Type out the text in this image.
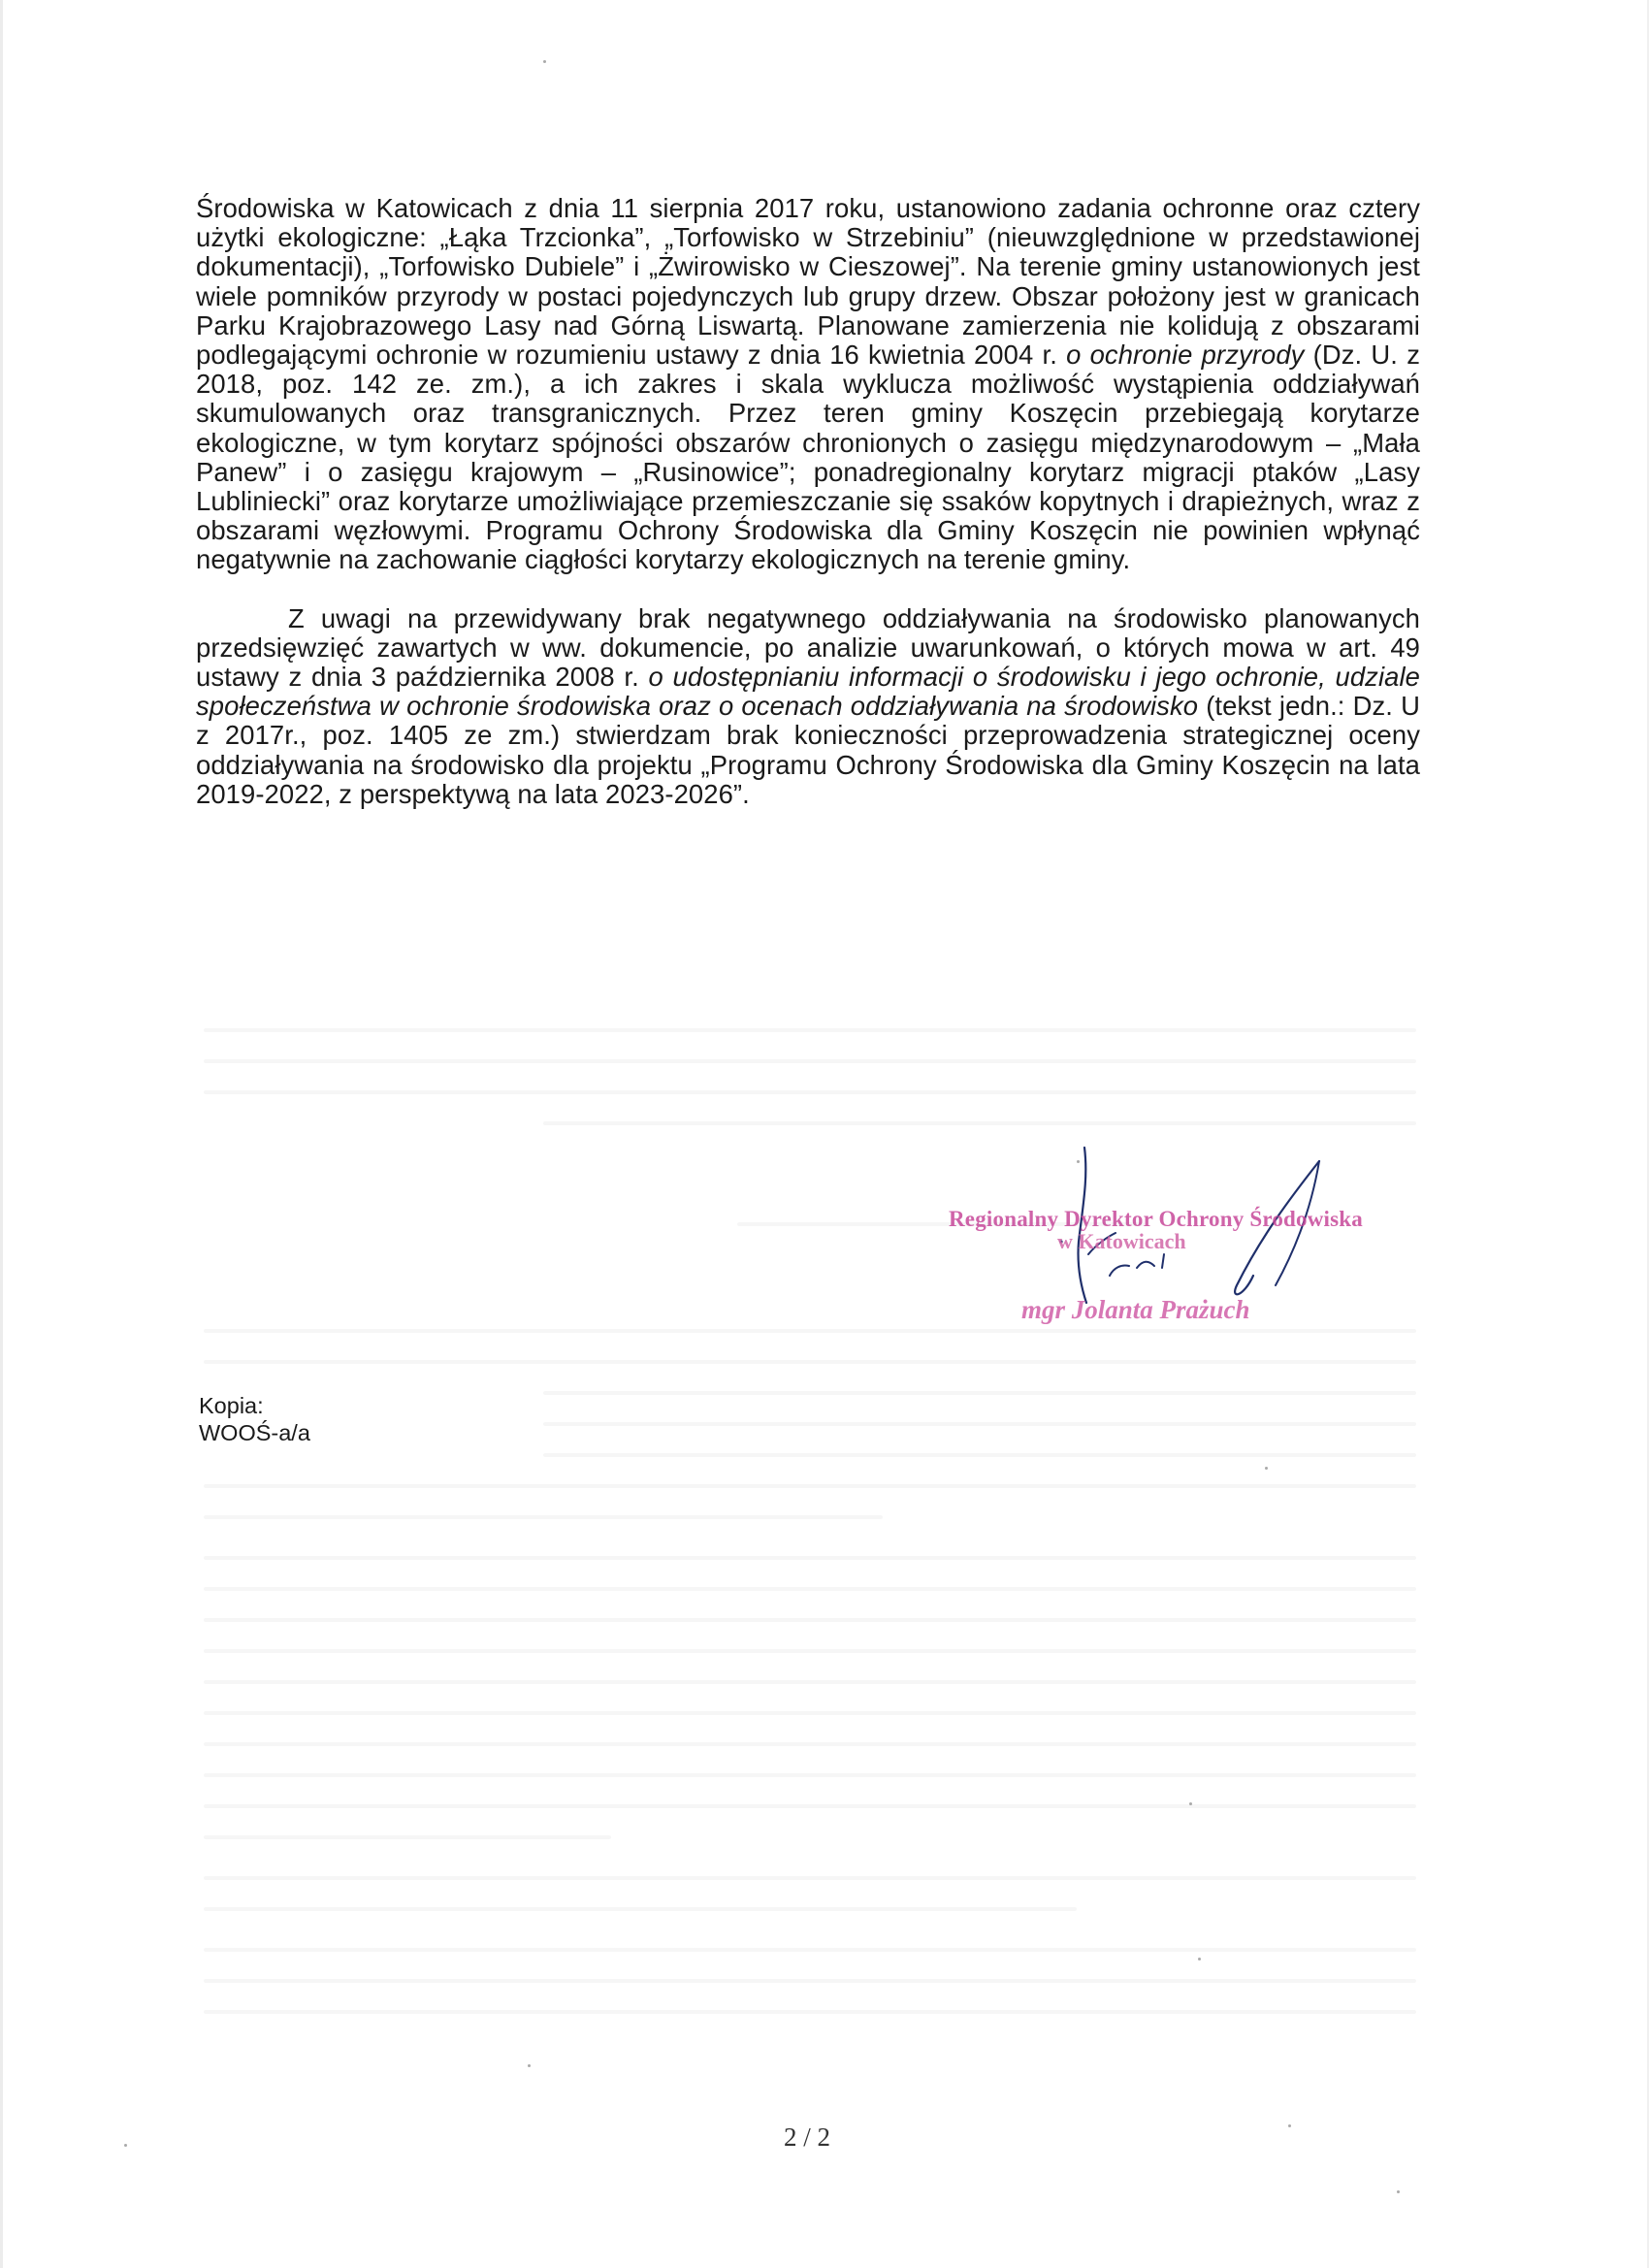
Środowiska w Katowicach z dnia 11 sierpnia 2017 roku, ustanowiono zadania ochronne oraz cztery użytki ekologiczne: „Łąka Trzcionka”, „Torfowisko w Strzebiniu” (nieuwzględnione w przedstawionej dokumentacji), „Torfowisko Dubiele” i „Żwirowisko w Cieszowej”. Na terenie gminy ustanowionych jest wiele pomników przyrody w postaci pojedynczych lub grupy drzew. Obszar położony jest w granicach Parku Krajobrazowego Lasy nad Górną Liswartą. Planowane zamierzenia nie kolidują z obszarami podlegającymi ochronie w rozumieniu ustawy z dnia 16 kwietnia 2004 r. o ochronie przyrody (Dz. U. z 2018, poz. 142 ze. zm.), a ich zakres i skala wyklucza możliwość wystąpienia oddziaływań skumulowanych oraz transgranicznych. Przez teren gminy Koszęcin przebiegają korytarze ekologiczne, w tym korytarz spójności obszarów chronionych o zasięgu międzynarodowym – „Mała Panew” i o zasięgu krajowym – „Rusinowice”; ponadregionalny korytarz migracji ptaków „Lasy Lubliniecki” oraz korytarze umożliwiające przemieszczanie się ssaków kopytnych i drapieżnych, wraz z obszarami węzłowymi. Programu Ochrony Środowiska dla Gminy Koszęcin nie powinien wpłynąć negatywnie na zachowanie ciągłości korytarzy ekologicznych na terenie gminy.

Z uwagi na przewidywany brak negatywnego oddziaływania na środowisko planowanych przedsięwzięć zawartych w ww. dokumencie, po analizie uwarunkowań, o których mowa w art. 49 ustawy z dnia 3 października 2008 r. o udostępnianiu informacji o środowisku i jego ochronie, udziale społeczeństwa w ochronie środowiska oraz o ocenach oddziaływania na środowisko (tekst jedn.: Dz. U z 2017r., poz. 1405 ze zm.) stwierdzam brak konieczności przeprowadzenia strategicznej oceny oddziaływania na środowisko dla projektu „Programu Ochrony Środowiska dla Gminy Koszęcin na lata 2019-2022, z perspektywą na lata 2023-2026”.

Regionalny Dyrektor Ochrony Środowiska
w Katowicach
mgr Jolanta Prażuch
Kopia:
WOOŚ-a/a
2 / 2
